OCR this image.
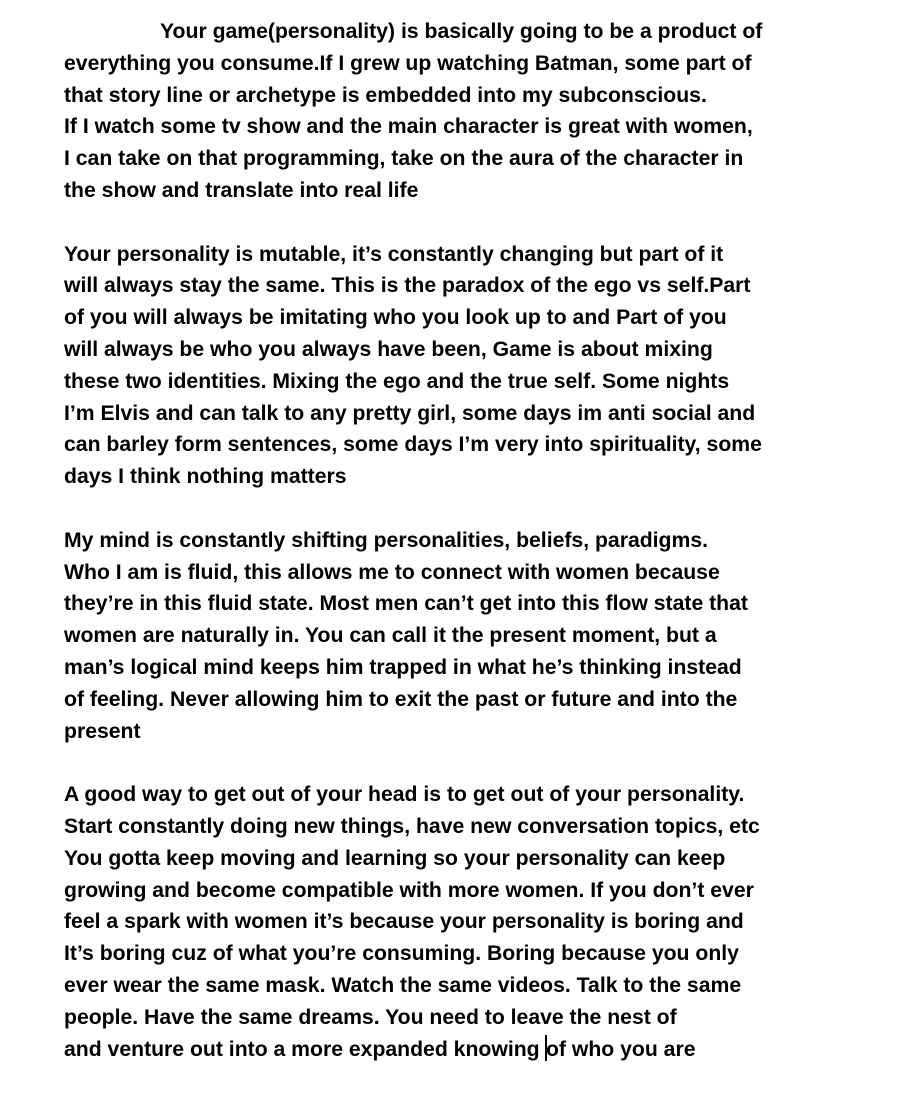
Your game(personality) is basically going to be a product of
everything you consume.If I grew up watching Batman, some part of
that story line or archetype is embedded into my subconscious.
If I watch some tv show and the main character is great with women,
I can take on that programming, take on the aura of the character in
the show and translate into real life
Your personality is mutable, it’s constantly changing but part of it
will always stay the same. This is the paradox of the ego vs self.Part
of you will always be imitating who you look up to and Part of you
will always be who you always have been, Game is about mixing
these two identities. Mixing the ego and the true self. Some nights
I’m Elvis and can talk to any pretty girl, some days im anti social and
can barley form sentences, some days I’m very into spirituality, some
days I think nothing matters
My mind is constantly shifting personalities, beliefs, paradigms.
Who I am is fluid, this allows me to connect with women because
they’re in this fluid state. Most men can’t get into this flow state that
women are naturally in. You can call it the present moment, but a
man’s logical mind keeps him trapped in what he’s thinking instead
of feeling. Never allowing him to exit the past or future and into the
present
A good way to get out of your head is to get out of your personality.
Start constantly doing new things, have new conversation topics, etc
You gotta keep moving and learning so your personality can keep
growing and become compatible with more women. If you don’t ever
feel a spark with women it’s because your personality is boring and
It’s boring cuz of what you’re consuming. Boring because you only
ever wear the same mask. Watch the same videos. Talk to the same
people. Have the same dreams. You need to leave the nest of
and venture out into a more expanded knowing of who you are
